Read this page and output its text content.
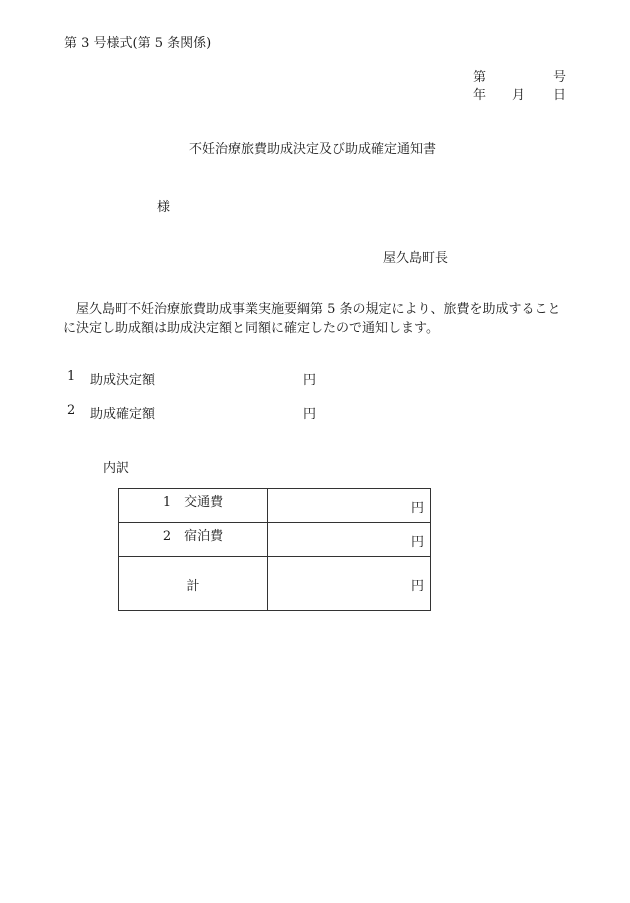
第 3 号様式(第 5 条関係)
第	号
年 月 日
不妊治療旅費助成決定及び助成確定通知書
様
屋久島町長
屋久島町不妊治療旅費助成事業実施要綱第 5 条の規定により、旅費を助成することに決定し助成額は助成決定額と同額に確定したので通知します。
1 助成決定額	円
2 助成確定額	円
内訳
1　交通費	円

2　宿泊費	円

計	円
